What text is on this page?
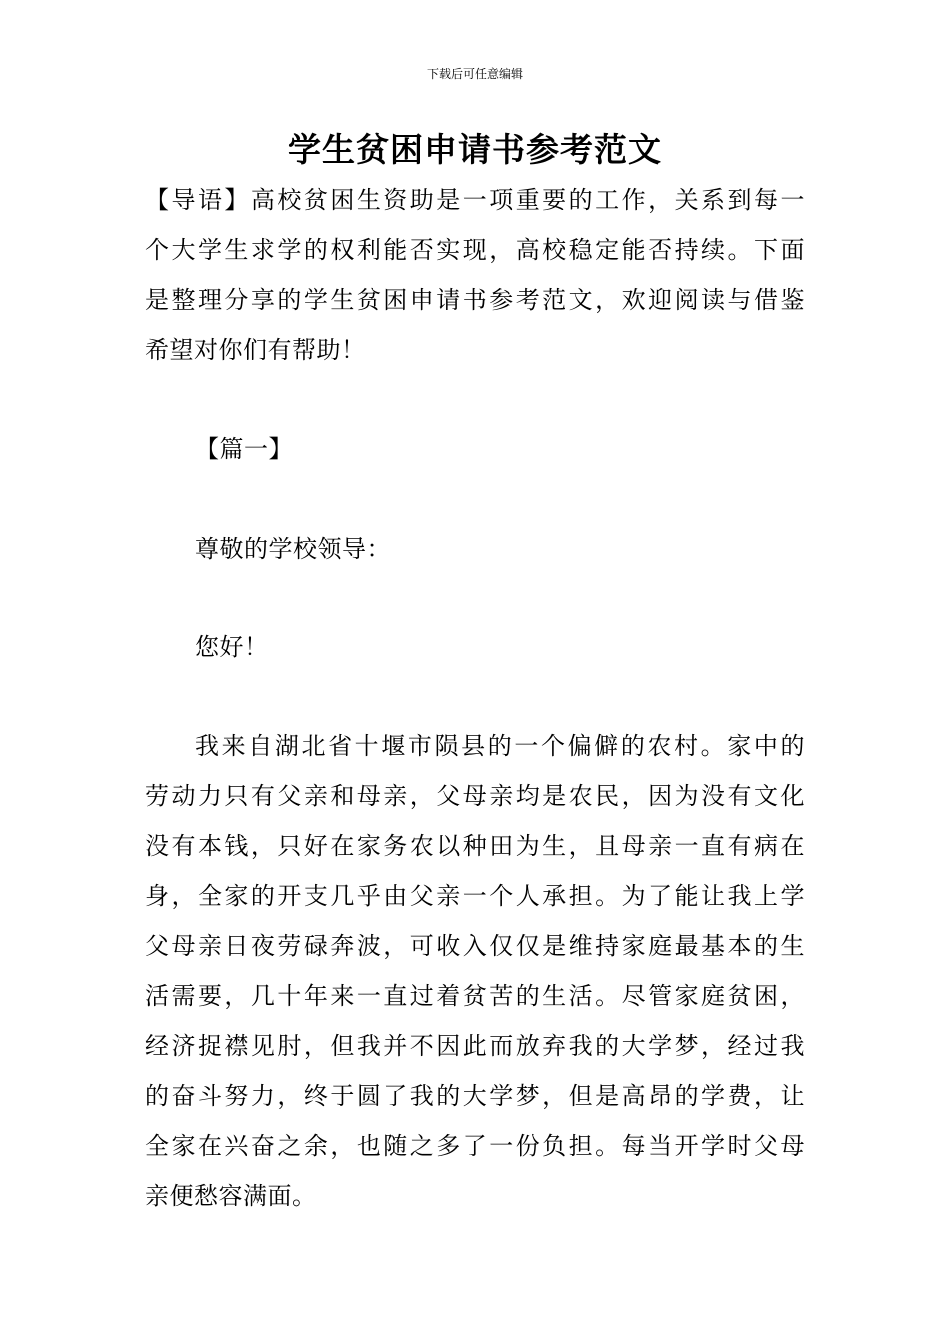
下载后可任意编辑
学生贫困申请书参考范文
【导语】高校贫困生资助是一项重要的工作，关系到每一
个大学生求学的权利能否实现，高校稳定能否持续。下面
是整理分享的学生贫困申请书参考范文，欢迎阅读与借鉴
希望对你们有帮助！
【篇一】
尊敬的学校领导：
您好！
我来自湖北省十堰市陨县的一个偏僻的农村。家中的
劳动力只有父亲和母亲，父母亲均是农民，因为没有文化
没有本钱，只好在家务农以种田为生，且母亲一直有病在
身，全家的开支几乎由父亲一个人承担。为了能让我上学
父母亲日夜劳碌奔波，可收入仅仅是维持家庭最基本的生
活需要，几十年来一直过着贫苦的生活。尽管家庭贫困，
经济捉襟见肘，但我并不因此而放弃我的大学梦，经过我
的奋斗努力，终于圆了我的大学梦，但是高昂的学费，让
全家在兴奋之余，也随之多了一份负担。每当开学时父母
亲便愁容满面。
